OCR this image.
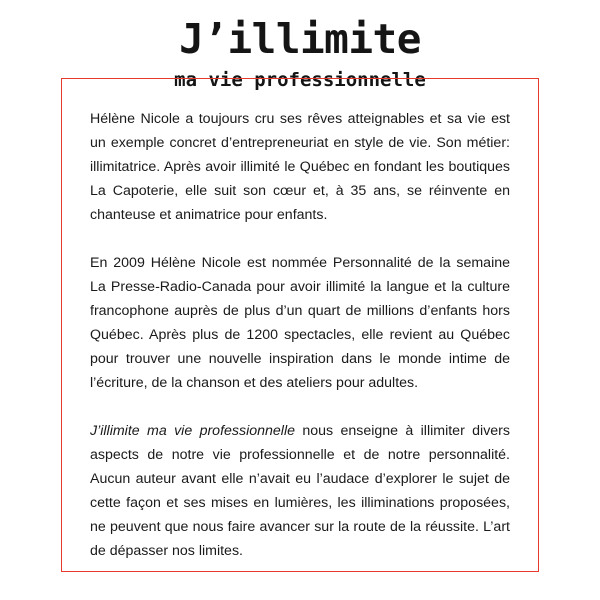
J’illimite
ma vie professionnelle

Hélène Nicole a toujours cru ses rêves atteignables et sa vie est un exemple concret d’entrepreneuriat en style de vie. Son métier: illimitatrice. Après avoir illimité le Québec en fondant les boutiques La Capoterie, elle suit son cœur et, à 35 ans, se réinvente en chanteuse et animatrice pour enfants.

En 2009 Hélène Nicole est nommée Personnalité de la semaine La Presse-Radio-Canada pour avoir illimité la langue et la culture francophone auprès de plus d’un quart de millions d’enfants hors Québec. Après plus de 1200 spectacles, elle revient au Québec pour trouver une nouvelle inspiration dans le monde intime de l’écriture, de la chanson et des ateliers pour adultes.

J’illimite ma vie professionnelle nous enseigne à illimiter divers aspects de notre vie professionnelle et de notre personnalité. Aucun auteur avant elle n’avait eu l’audace d’explorer le sujet de cette façon et ses mises en lumières, les illiminations proposées, ne peuvent que nous faire avancer sur la route de la réussite. L’art de dépasser nos limites.
